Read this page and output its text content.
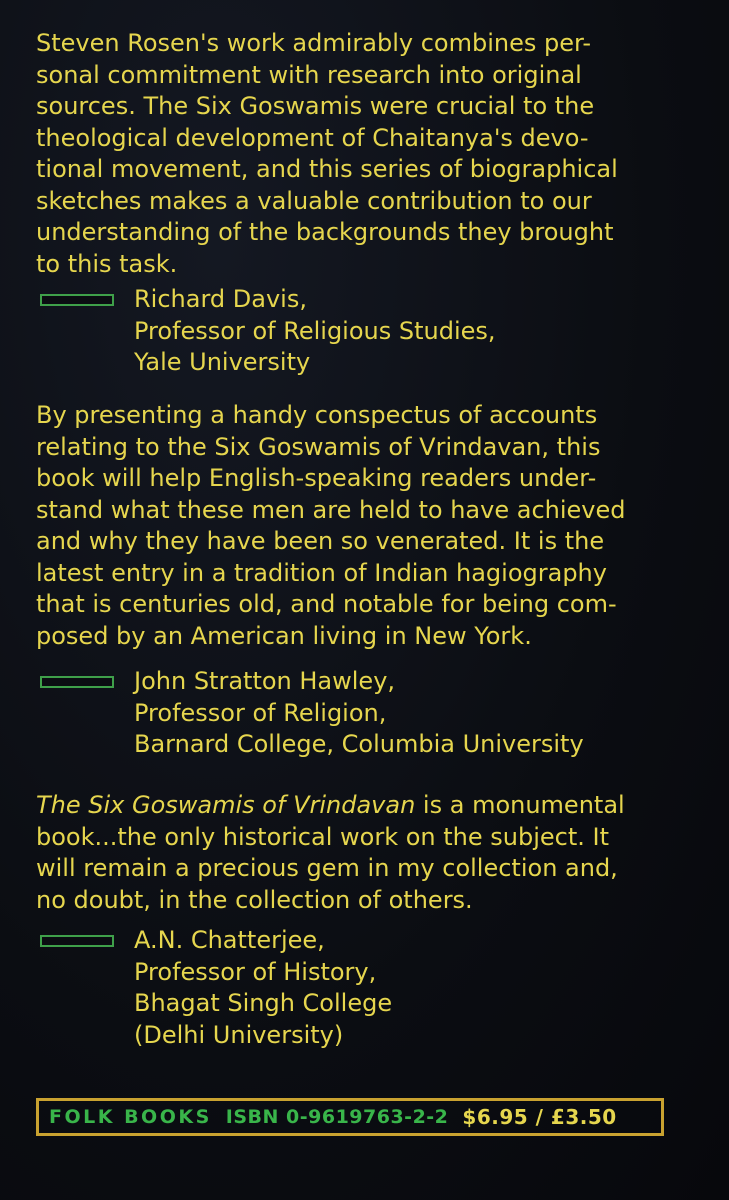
Steven Rosen's work admirably combines per-
sonal commitment with research into original
sources. The Six Goswamis were crucial to the
theological development of Chaitanya's devo-
tional movement, and this series of biographical
sketches makes a valuable contribution to our
understanding of the backgrounds they brought
to this task.

Richard Davis,
Professor of Religious Studies,
Yale University

By presenting a handy conspectus of accounts
relating to the Six Goswamis of Vrindavan, this
book will help English-speaking readers under-
stand what these men are held to have achieved
and why they have been so venerated. It is the
latest entry in a tradition of Indian hagiography
that is centuries old, and notable for being com-
posed by an American living in New York.

John Stratton Hawley,
Professor of Religion,
Barnard College, Columbia University

The Six Goswamis of Vrindavan is a monumental
book...the only historical work on the subject. It
will remain a precious gem in my collection and,
no doubt, in the collection of others.

A.N. Chatterjee,
Professor of History,
Bhagat Singh College
(Delhi University)
FOLK BOOKS ISBN 0-9619763-2-2 $6.95 / £3.50
